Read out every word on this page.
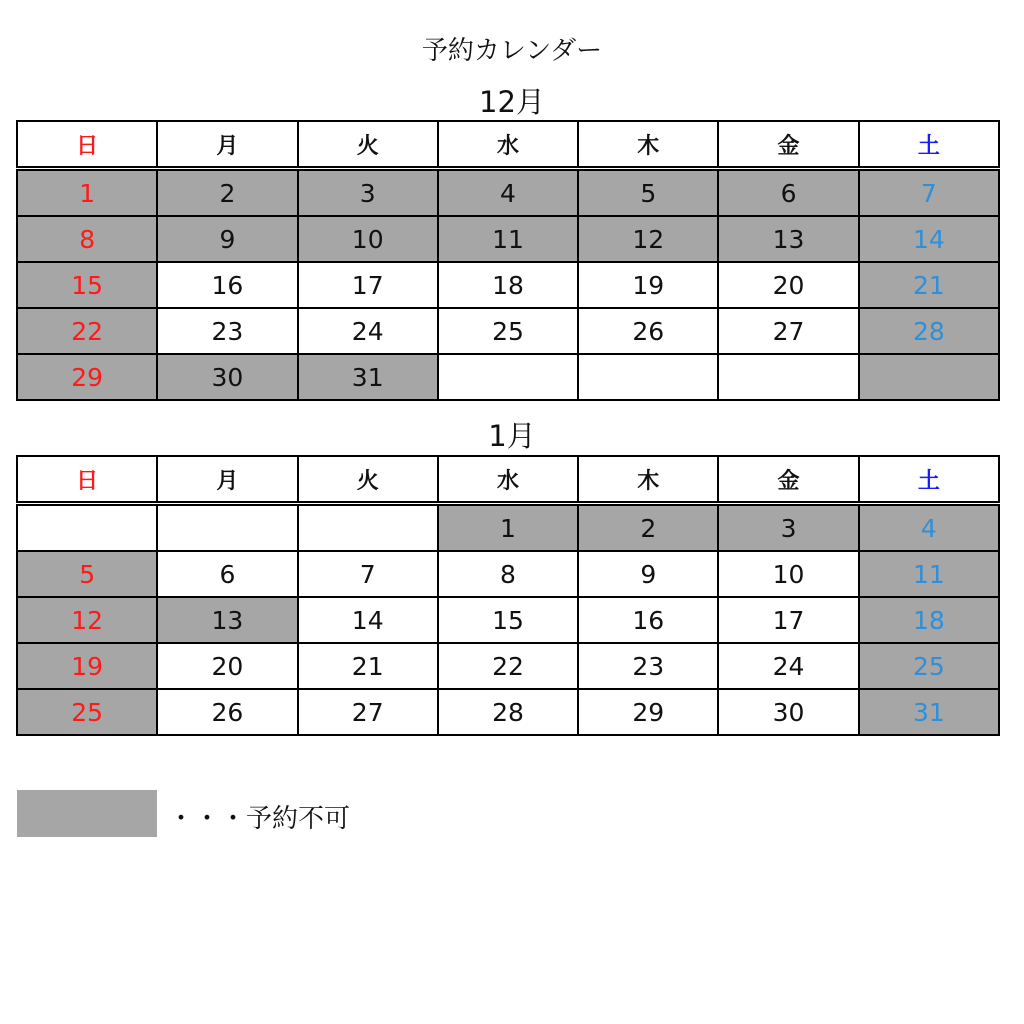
予約カレンダー
12月
日	月	火	水	木	金	土
1	2	3	4	5	6	7
8	9	10	11	12	13	14
15	16	17	18	19	20	21
22	23	24	25	26	27	28
29	30	31				
1月
日	月	火	水	木	金	土
			1	2	3	4
5	6	7	8	9	10	11
12	13	14	15	16	17	18
19	20	21	22	23	24	25
25	26	27	28	29	30	31
・・・予約不可
